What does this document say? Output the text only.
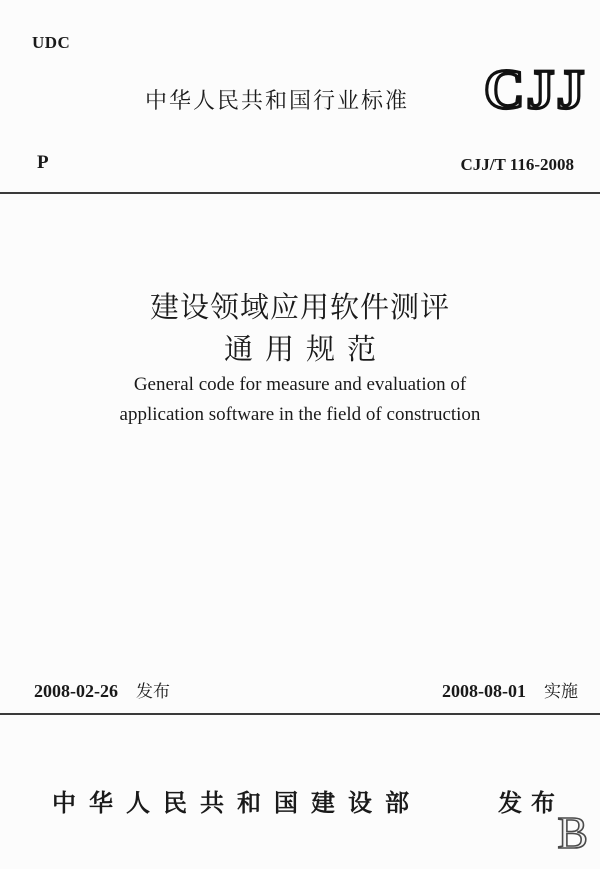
UDC
中华人民共和国行业标准 CJJ
P	CJJ/T 116-2008
建设领域应用软件测评
通用规范
General code for measure and evaluation of
application software in the field of construction
2008-02-26 发布	2008-08-01 实施
中华人民共和国建设部	发布
B
